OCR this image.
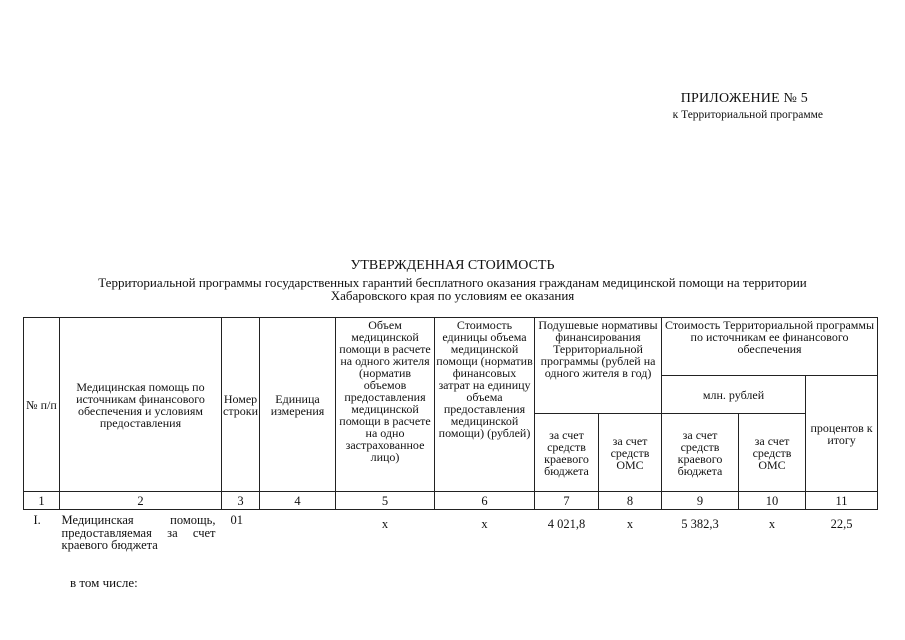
ПРИЛОЖЕНИЕ № 5
к Территориальной программе
УТВЕРЖДЕННАЯ СТОИМОСТЬ
Территориальной программы государственных гарантий бесплатного оказания гражданам медицинской помощи на территории Хабаровского края по условиям ее оказания
№ п/п	Медицинская помощь по источникам финансового обеспечения и условиям предоставления	Номер строки	Единица измерения	Объем медицинской помощи в расчете на одного жителя (норматив объемов предоставления медицинской помощи в расчете на одно застрахованное лицо)	Стоимость единицы объема медицинской помощи (норматив финансовых затрат на единицу объема предоставления медицинской помощи) (рублей)	Подушевые нормативы финансирования Территориальной программы (рублей на одного жителя в год)		Стоимость Территориальной программы по источникам ее финансового обеспечения		
								млн. рублей		процентов к итогу
						за счет средств краевого бюджета	за счет средств ОМС	за счет средств краевого бюджета	за счет средств ОМС	
1	2	3	4	5	6	7	8	9	10	11
I.	Медицинская помощь, предоставляемая за счет краевого бюджета	01		x	x	4 021,8	x	5 382,3	x	22,5
в том числе:
